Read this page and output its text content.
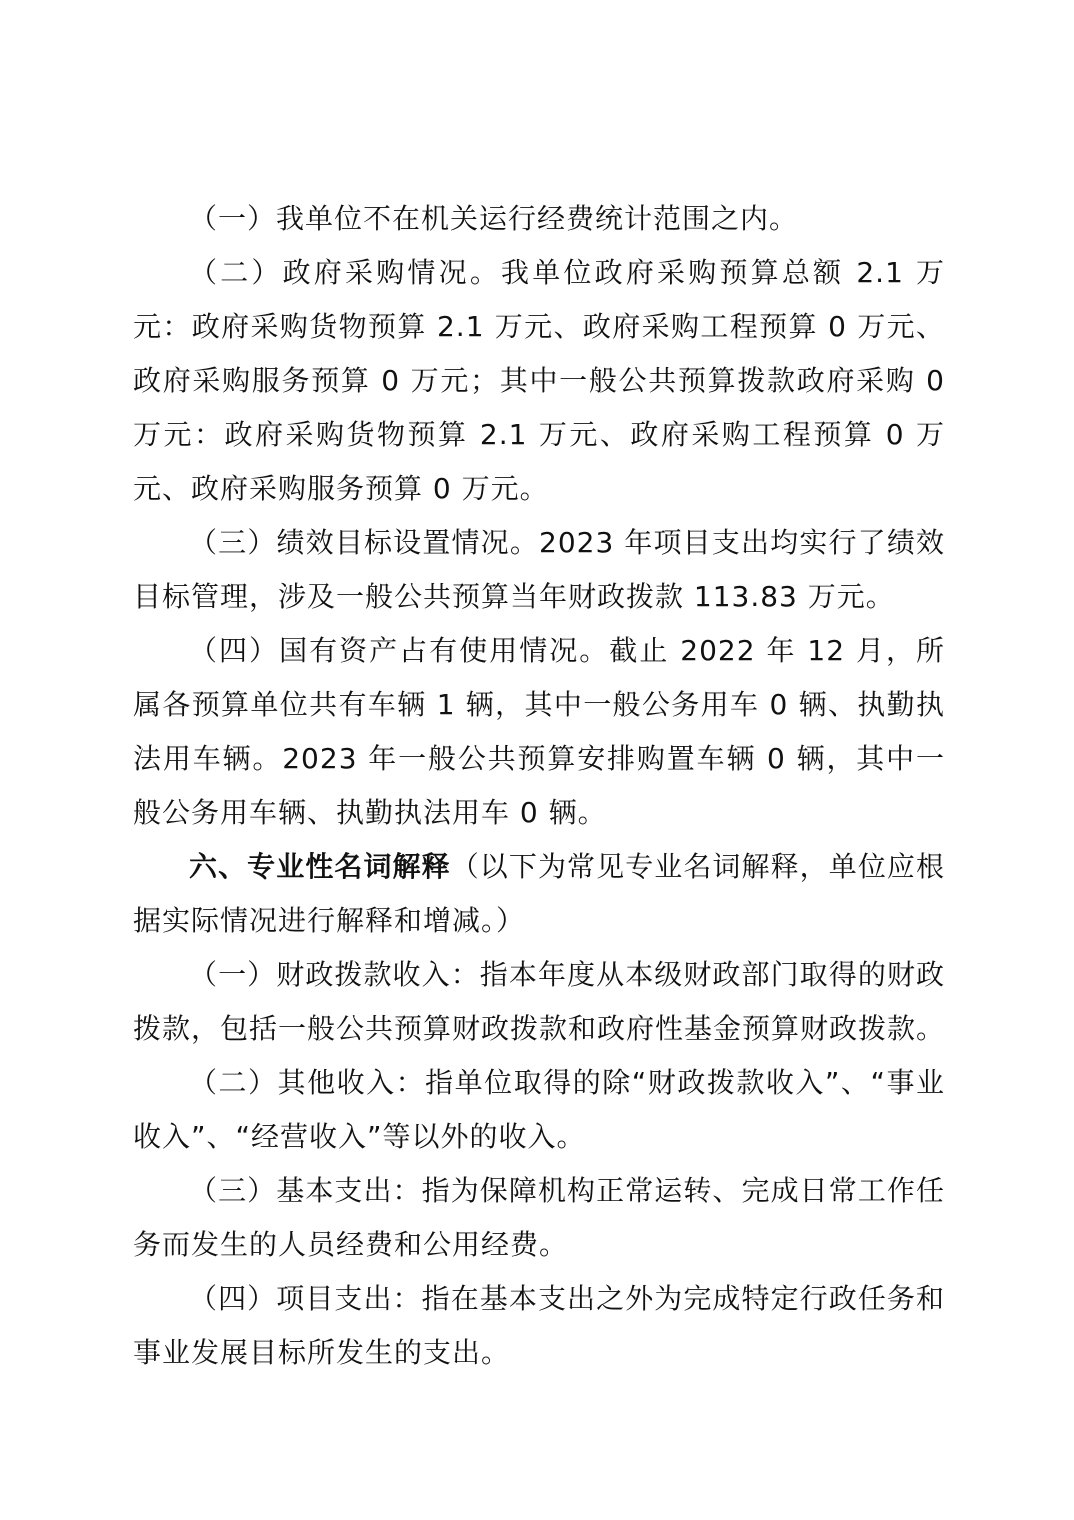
（一）我单位不在机关运行经费统计范围之内。

（二）政府采购情况。我单位政府采购预算总额 2.1 万元：政府采购货物预算 2.1 万元、政府采购工程预算 0 万元、政府采购服务预算 0 万元；其中一般公共预算拨款政府采购 0 万元：政府采购货物预算 2.1 万元、政府采购工程预算 0 万元、政府采购服务预算 0 万元。

（三）绩效目标设置情况。2023 年项目支出均实行了绩效目标管理，涉及一般公共预算当年财政拨款 113.83 万元。

（四）国有资产占有使用情况。截止 2022 年 12 月，所属各预算单位共有车辆 1 辆，其中一般公务用车 0 辆、执勤执法用车辆。2023 年一般公共预算安排购置车辆 0 辆，其中一般公务用车辆、执勤执法用车 0 辆。

六、专业性名词解释（以下为常见专业名词解释，单位应根据实际情况进行解释和增减。）

（一）财政拨款收入：指本年度从本级财政部门取得的财政拨款，包括一般公共预算财政拨款和政府性基金预算财政拨款。

（二）其他收入：指单位取得的除“财政拨款收入”、“事业收入”、“经营收入”等以外的收入。

（三）基本支出：指为保障机构正常运转、完成日常工作任务而发生的人员经费和公用经费。

（四）项目支出：指在基本支出之外为完成特定行政任务和事业发展目标所发生的支出。
